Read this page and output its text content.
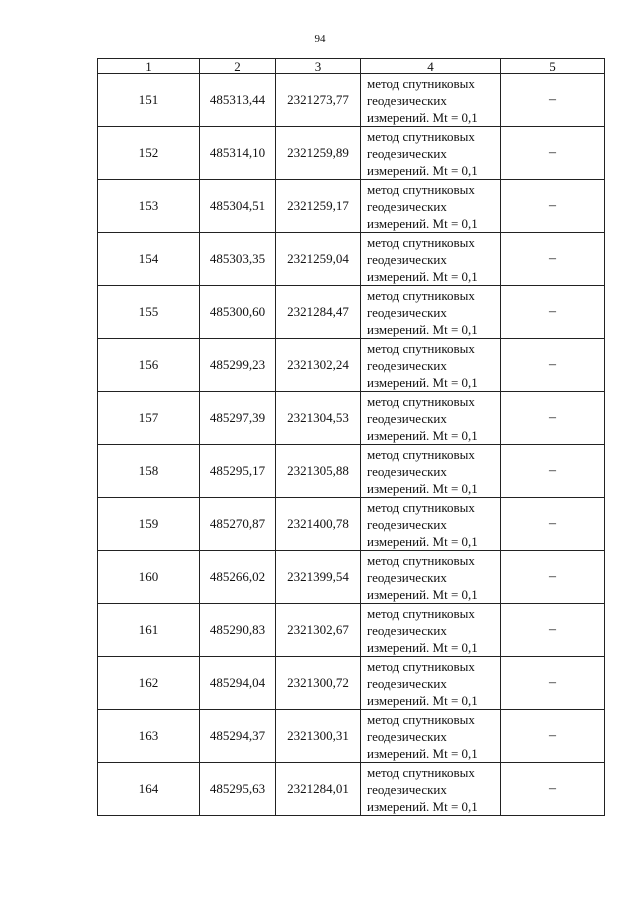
94
1	2	3	4	5
151	485313,44	2321273,77	метод спутниковых геодезических измерений. Mt = 0,1	–
152	485314,10	2321259,89	метод спутниковых геодезических измерений. Mt = 0,1	–
153	485304,51	2321259,17	метод спутниковых геодезических измерений. Mt = 0,1	–
154	485303,35	2321259,04	метод спутниковых геодезических измерений. Mt = 0,1	–
155	485300,60	2321284,47	метод спутниковых геодезических измерений. Mt = 0,1	–
156	485299,23	2321302,24	метод спутниковых геодезических измерений. Mt = 0,1	–
157	485297,39	2321304,53	метод спутниковых геодезических измерений. Mt = 0,1	–
158	485295,17	2321305,88	метод спутниковых геодезических измерений. Mt = 0,1	–
159	485270,87	2321400,78	метод спутниковых геодезических измерений. Mt = 0,1	–
160	485266,02	2321399,54	метод спутниковых геодезических измерений. Mt = 0,1	–
161	485290,83	2321302,67	метод спутниковых геодезических измерений. Mt = 0,1	–
162	485294,04	2321300,72	метод спутниковых геодезических измерений. Mt = 0,1	–
163	485294,37	2321300,31	метод спутниковых геодезических измерений. Mt = 0,1	–
164	485295,63	2321284,01	метод спутниковых геодезических измерений. Mt = 0,1	–
